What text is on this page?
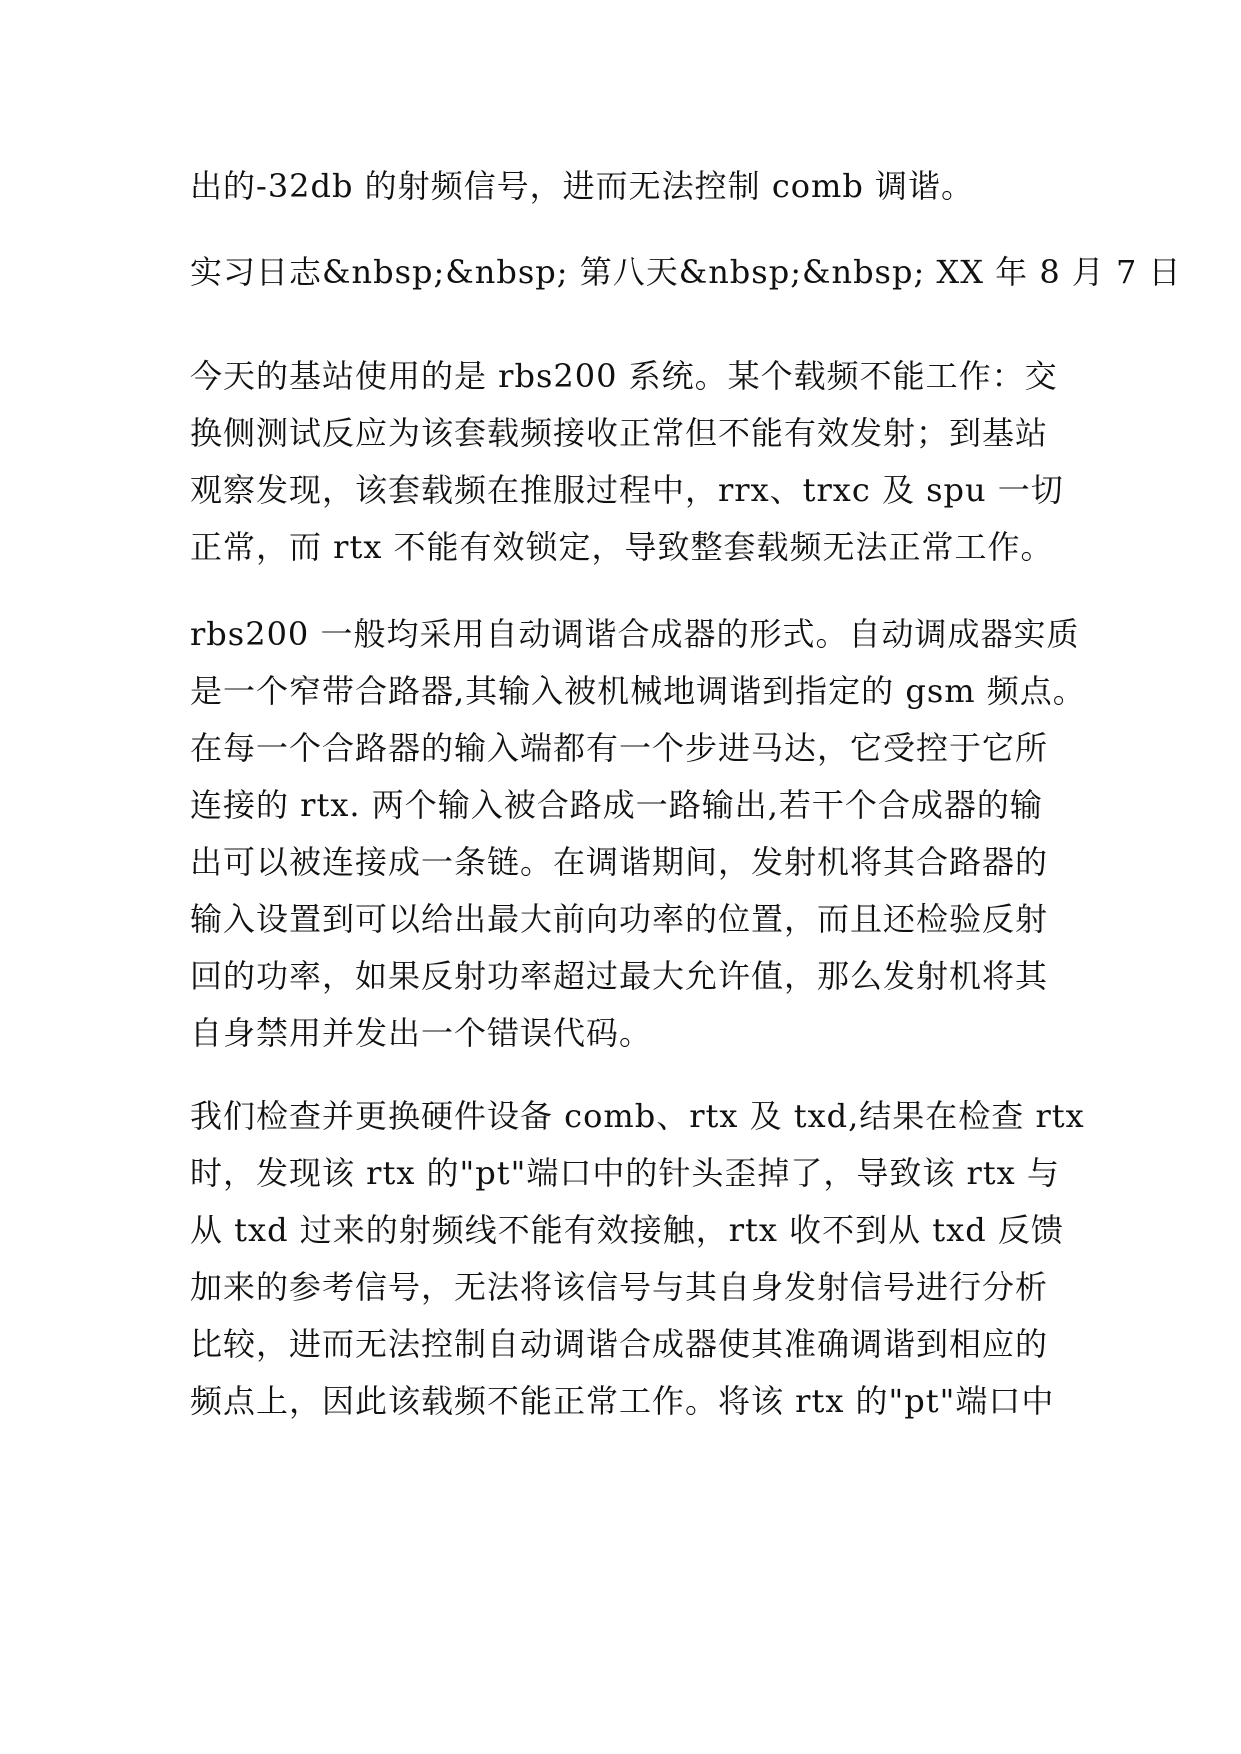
出的-32db 的射频信号，进而无法控制 comb 调谐。

实习日志&nbsp;&nbsp; 第八天&nbsp;&nbsp; XX 年 8 月 7 日

今天的基站使用的是 rbs200 系统。某个载频不能工作：交
换侧测试反应为该套载频接收正常但不能有效发射；到基站
观察发现，该套载频在推服过程中，rrx、trxc 及 spu 一切
正常，而 rtx 不能有效锁定，导致整套载频无法正常工作。

rbs200 一般均采用自动调谐合成器的形式。自动调成器实质
是一个窄带合路器,其输入被机械地调谐到指定的 gsm 频点。
在每一个合路器的输入端都有一个步进马达，它受控于它所
连接的 rtx. 两个输入被合路成一路输出,若干个合成器的输
出可以被连接成一条链。在调谐期间，发射机将其合路器的
输入设置到可以给出最大前向功率的位置，而且还检验反射
回的功率，如果反射功率超过最大允许值，那么发射机将其
自身禁用并发出一个错误代码。

我们检查并更换硬件设备 comb、rtx 及 txd,结果在检查 rtx
时，发现该 rtx 的"pt"端口中的针头歪掉了，导致该 rtx 与
从 txd 过来的射频线不能有效接触，rtx 收不到从 txd 反馈
加来的参考信号，无法将该信号与其自身发射信号进行分析
比较，进而无法控制自动调谐合成器使其准确调谐到相应的
频点上，因此该载频不能正常工作。将该 rtx 的"pt"端口中
